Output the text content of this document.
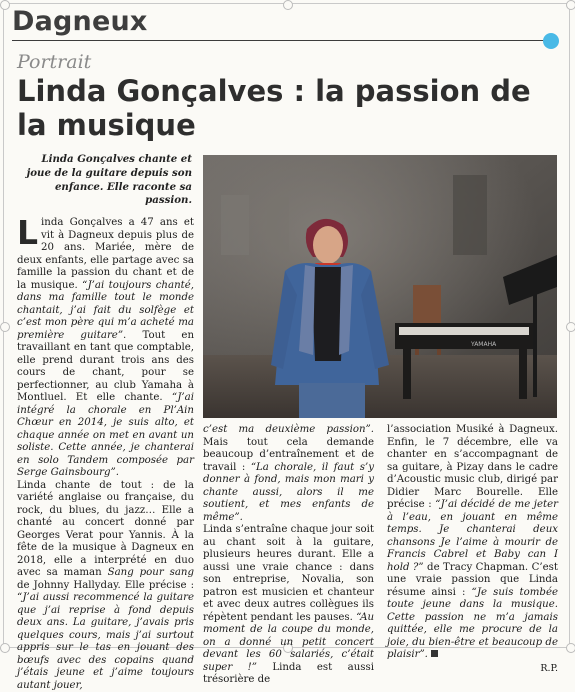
Dagneux
Portrait
Linda Gonçalves : la passion de la musique
Linda Gonçalves chante et joue de la guitare depuis son enfance. Elle raconte sa passion.
YAMAHA

Linda Gonçalves a 47 ans et vit à Dagneux depuis plus de 20 ans. Mariée, mère de deux enfants, elle partage avec sa famille la passion du chant et de la musique. “J’ai toujours chanté, dans ma famille tout le monde chantait, j’ai fait du solfège et c’est mon père qui m’a acheté ma première guitare”. Tout en travaillant en tant que comptable, elle prend durant trois ans des cours de chant, pour se perfectionner, au club Yamaha à Montluel. Et elle chante. “J’ai intégré la chorale en Pl’Ain Chœur en 2014, je suis alto, et chaque année on met en avant un soliste. Cette année, je chanterai en solo Tandem composée par Serge Gainsbourg”.

Linda chante de tout : de la variété anglaise ou française, du rock, du blues, du jazz… Elle a chanté au concert donné par Georges Verat pour Yannis. À la fête de la musique à Dagneux en 2018, elle a interprété en duo avec sa maman Sang pour sang de Johnny Hallyday. Elle précise : “J’ai aussi recommencé la guitare que j’ai reprise à fond depuis deux ans. La guitare, j’avais pris quelques cours, mais j’ai surtout appris sur le tas en jouant des bœufs avec des copains quand j’étais jeune et j’aime toujours autant jouer,

c’est ma deuxième passion”. Mais tout cela demande beaucoup d’entraînement et de travail : “La chorale, il faut s’y donner à fond, mais mon mari y chante aussi, alors il me soutient, et mes enfants de même”.

Linda s’entraîne chaque jour soit au chant soit à la guitare, plusieurs heures durant. Elle a aussi une vraie chance : dans son entreprise, Novalia, son patron est musicien et chanteur et avec deux autres collègues ils répètent pendant les pauses. “Au moment de la coupe du monde, on a donné un petit concert devant les 60 salariés, c’était super !” Linda est aussi trésorière de

l’association Musiké à Dagneux. Enfin, le 7 décembre, elle va chanter en s’accompagnant de sa guitare, à Pizay dans le cadre d’Acoustic music club, dirigé par Didier Marc Bourelle. Elle précise : “J’ai décidé de me jeter à l’eau, en jouant en même temps. Je chanterai deux chansons Je l’aime à mourir de Francis Cabrel et Baby can I hold ?” de Tracy Chapman. C’est une vraie passion que Linda résume ainsi : “Je suis tombée toute jeune dans la musique. Cette passion ne m’a jamais quittée, elle me procure de la joie, du bien-être et beaucoup de plaisir”.

R.P.
